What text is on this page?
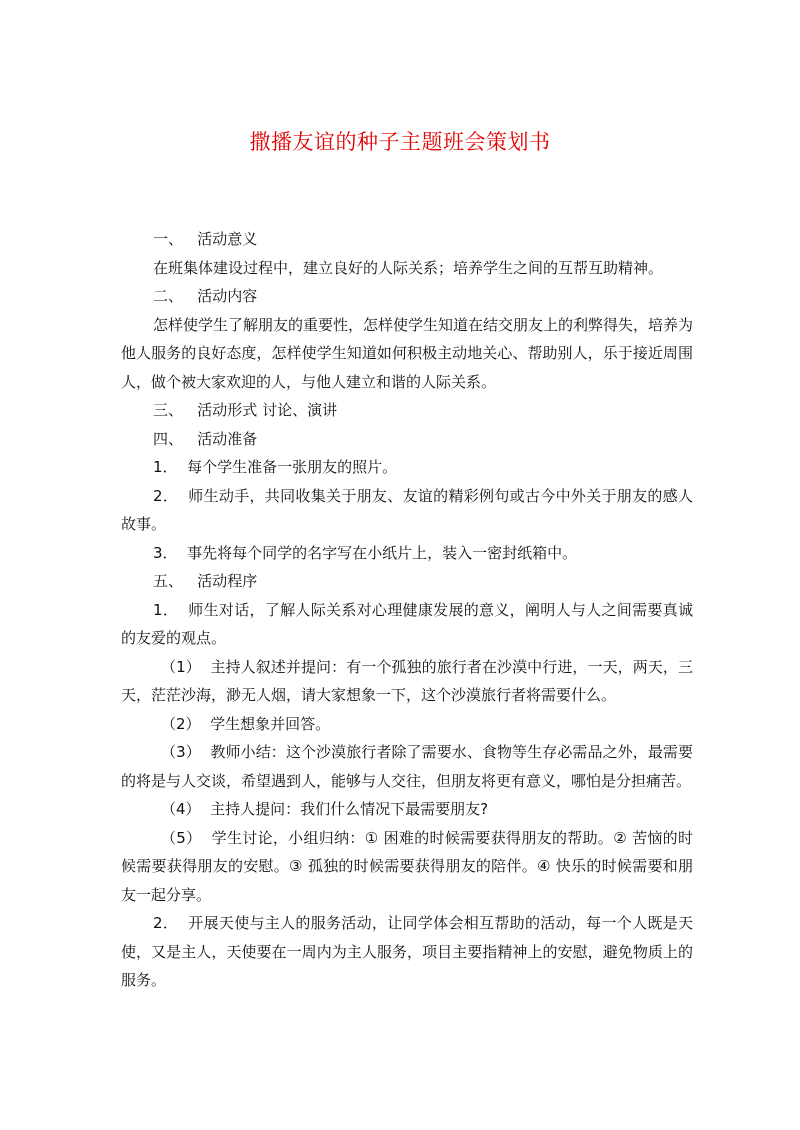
撒播友谊的种子主题班会策划书

一、   活动意义

在班集体建设过程中，建立良好的人际关系；培养学生之间的互帮互助精神。

二、   活动内容

怎样使学生了解朋友的重要性，怎样使学生知道在结交朋友上的利弊得失，培养为他人服务的良好态度，怎样使学生知道如何积极主动地关心、帮助别人，乐于接近周围人，做个被大家欢迎的人，与他人建立和谐的人际关系。

三、   活动形式 讨论、演讲

四、   活动准备

1．  每个学生准备一张朋友的照片。

2．  师生动手，共同收集关于朋友、友谊的精彩例句或古今中外关于朋友的感人故事。

3．  事先将每个同学的名字写在小纸片上，装入一密封纸箱中。

五、   活动程序

1．  师生对话，了解人际关系对心理健康发展的意义，阐明人与人之间需要真诚的友爱的观点。

（1）  主持人叙述并提问：有一个孤独的旅行者在沙漠中行进，一天，两天，三天，茫茫沙海，渺无人烟，请大家想象一下，这个沙漠旅行者将需要什么。

（2）  学生想象并回答。

（3）  教师小结：这个沙漠旅行者除了需要水、食物等生存必需品之外，最需要的将是与人交谈，希望遇到人，能够与人交往，但朋友将更有意义，哪怕是分担痛苦。

（4）  主持人提问：我们什么情况下最需要朋友?

（5）  学生讨论，小组归纳：① 困难的时候需要获得朋友的帮助。② 苦恼的时候需要获得朋友的安慰。③ 孤独的时候需要获得朋友的陪伴。④ 快乐的时候需要和朋友一起分享。

2．  开展天使与主人的服务活动，让同学体会相互帮助的活动，每一个人既是天使，又是主人，天使要在一周内为主人服务，项目主要指精神上的安慰，避免物质上的服务。
